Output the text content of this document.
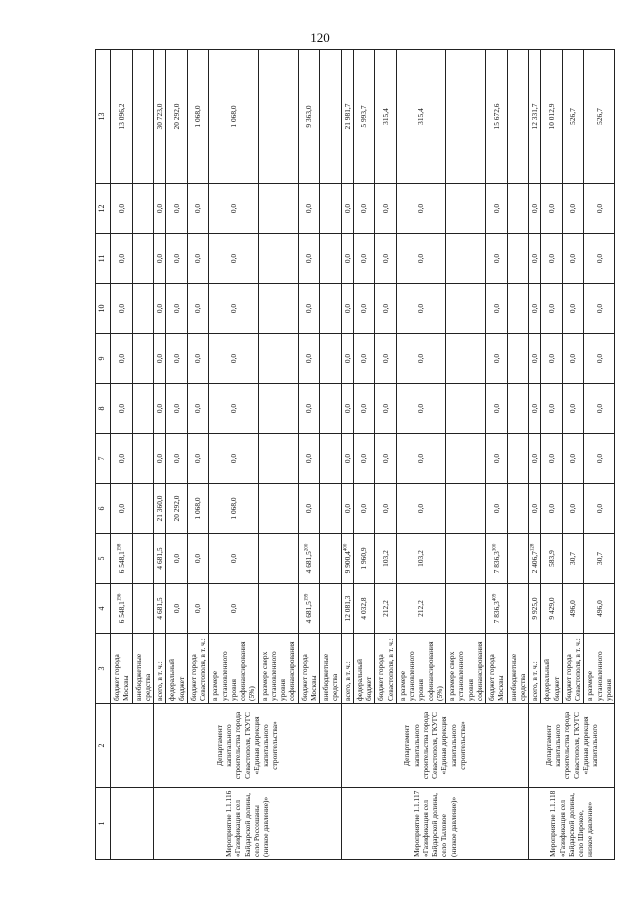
120
1	2	3	4	5	6	7	8	9	10	11	12	13
		бюджет города Москвы	6 548,1$^{196}$	6 548,1$^{198}$	0,0	0,0	0,0	0,0	0,0	0,0	0,0	13 096,2
		внебюджетные средства										
Мероприятие 1.1.116 «Газификация сел Байдарской долины, село Россошаны (низкое давление)»	Департамент капитального строительства города Севастополя, ГКУГС «Единая дирекция капитального строительства»	всего, в т. ч.:	4 681,5	4 681,5	21 360,0	0,0	0,0	0,0	0,0	0,0	0,0	30 723,0
		федеральный бюджет	0,0	0,0	20 292,0	0,0	0,0	0,0	0,0	0,0	0,0	20 292,0
		бюджет города Севастополя, в т. ч.:	0,0	0,0	1 068,0	0,0	0,0	0,0	0,0	0,0	0,0	1 068,0
		в размере установленного уровня софинансирования (5%)	0,0	0,0	1 068,0	0,0	0,0	0,0	0,0	0,0	0,0	1 068,0
		в размере сверх установленного уровня софинансирования										
		бюджет города Москвы	4 681,5$^{199}$	4 681,5$^{200}$	0,0	0,0	0,0	0,0	0,0	0,0	0,0	9 363,0
		внебюджетные средства										
Мероприятие 1.1.117 «Газификация сел Байдарской долины, село Тыловое (низкое давление)»	Департамент капитального строительства города Севастополя, ГКУГС «Единая дирекция капитального строительства»	всего, в т. ч.:	12 081,3	9 900,4$^{400}$	0,0	0,0	0,0	0,0	0,0	0,0	0,0	21 981,7
		федеральный бюджет	4 032,8	1 960,9	0,0	0,0	0,0	0,0	0,0	0,0	0,0	5 993,7
		бюджет города Севастополя, в т. ч.:	212,2	103,2	0,0	0,0	0,0	0,0	0,0	0,0	0,0	315,4
		в размере установленного уровня софинансирования (5%)	212,2	103,2	0,0	0,0	0,0	0,0	0,0	0,0	0,0	315,4
		в размере сверх установленного уровня софинансирования										
		бюджет города Москвы	7 836,3$^{409}$	7 836,3$^{300}$	0,0	0,0	0,0	0,0	0,0	0,0	0,0	15 672,6
		внебюджетные средства										
Мероприятие 1.1.118 «Газификация сел Байдарской долины, село Широкое, низкое давление»	Департамент капитального строительства города Севастополя, ГКУГС «Единая дирекция капитального	всего, в т. ч.:	9 925,0	2 406,7$^{128}$	0,0	0,0	0,0	0,0	0,0	0,0	0,0	12 331,7
		федеральный бюджет	9 429,0	583,9	0,0	0,0	0,0	0,0	0,0	0,0	0,0	10 012,9
		бюджет города Севастополя, в т. ч.:	496,0	30,7	0,0	0,0	0,0	0,0	0,0	0,0	0,0	526,7
		в размере установленного уровня	496,0	30,7	0,0	0,0	0,0	0,0	0,0	0,0	0,0	526,7
